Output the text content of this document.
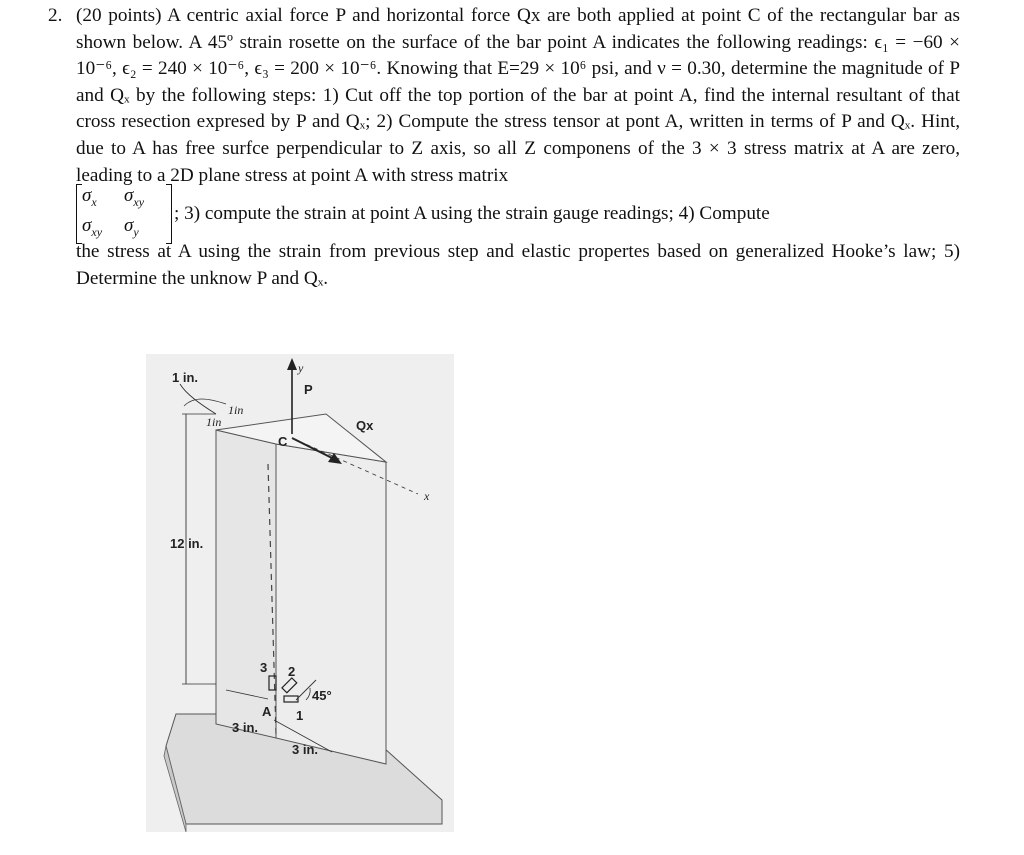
2. (20 points) A centric axial force P and horizontal force Qx are both applied at point C of the rectangular bar as shown below. A 45º strain rosette on the surface of the bar point A indicates the following readings: ϵ₁ = −60 × 10⁻⁶, ϵ₂ = 240 × 10⁻⁶, ϵ₃ = 200 × 10⁻⁶. Knowing that E=29 × 10⁶ psi, and ν = 0.30, determine the magnitude of P and Qₓ by the following steps: 1) Cut off the top portion of the bar at point A, find the internal resultant of that cross resection expresed by P and Qₓ; 2) Compute the stress tensor at pont A, written in terms of P and Qₓ. Hint, due to A has free surfce perpendicular to Z axis, so all Z componens of the 3 × 3 stress matrix at A are zero, leading to a 2D plane stress at point A with stress matrix

$\sigma_x$ $\sigma_{xy}$
$\sigma_{xy}$ $\sigma_y$
; 3) compute the strain at point A using the strain gauge readings; 4) Compute

the stress at A using the strain from previous step and elastic propertes based on generalized Hooke’s law; 5) Determine the unknow P and Qₓ.

1 in.
1in
1in
12 in.
y
P
Qx
C
x
3 2
1
45°
A
3 in.
3 in.
